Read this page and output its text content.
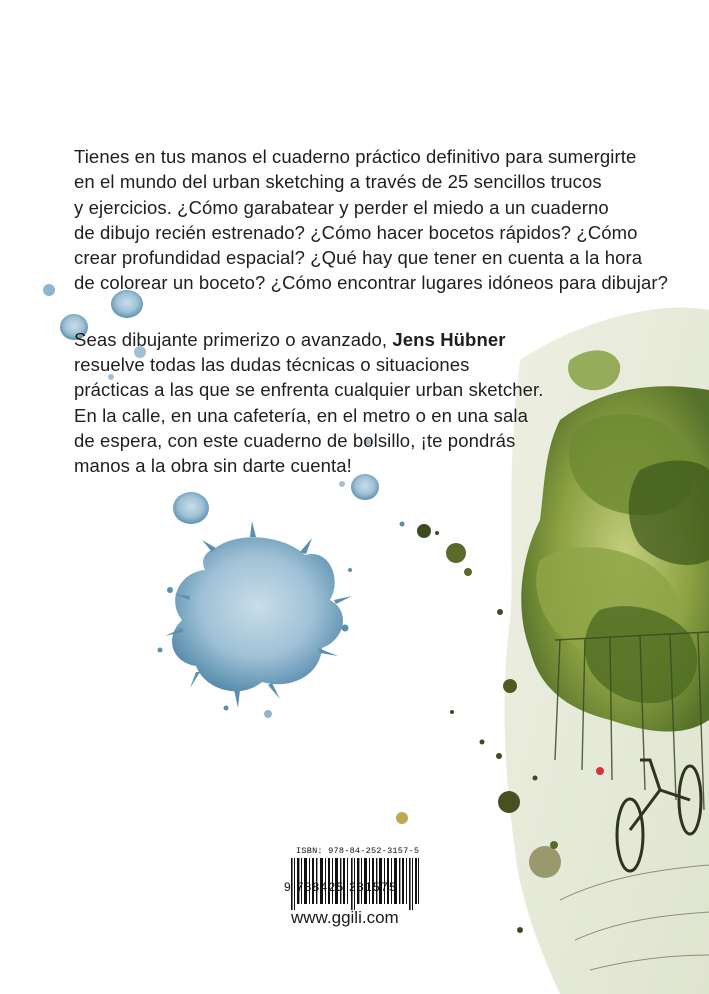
Tienes en tus manos el cuaderno práctico definitivo para sumergirte

en el mundo del urban sketching a través de 25 sencillos trucos

y ejercicios. ¿Cómo garabatear y perder el miedo a un cuaderno

de dibujo recién estrenado? ¿Cómo hacer bocetos rápidos? ¿Cómo

crear profundidad espacial? ¿Qué hay que tener en cuenta a la hora

de colorear un boceto? ¿Cómo encontrar lugares idóneos para dibujar?

Seas dibujante primerizo o avanzado, Jens Hübner

resuelve todas las dudas técnicas o situaciones

prácticas a las que se enfrenta cualquier urban sketcher.

En la calle, en una cafetería, en el metro o en una sala

de espera, con este cuaderno de bolsillo, ¡te pondrás

manos a la obra sin darte cuenta!

ISBN: 978-84-252-3157-5
9 788425 231575
www.ggili.com
